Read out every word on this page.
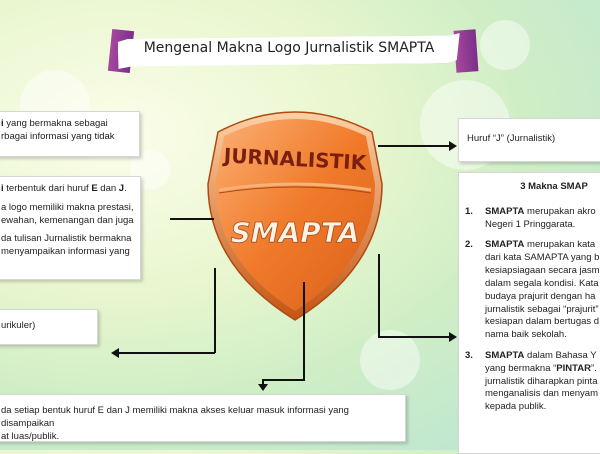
Mengenal Makna Logo Jurnalistik SMAPTA
JURNALISTIK
SMAPTA
i yang bermakna sebagai
rbagai informasi yang tidak

i terbentuk dari huruf E dan J.

a logo memiliki makna prestasi,
ewahan, kemenangan dan juga

da tulisan Jurnalistik bermakna
menyampaikan informasi yang

urikuler)
da setiap bentuk huruf E dan J memiliki makna akses keluar masuk informasi yang disampaikan
at luas/publik.
Huruf “J” (Jurnalistik)
3 Makna SMAP
1.	SMAPTA merupakan akro
Negeri 1 Pringgarata.
2.	SMAPTA merupakan kata
dari kata SAMAPTA yang b
kesiapsiagaan secara jasm
dalam segala kondisi. Kata
budaya prajurit dengan ha
jurnalistik sebagai “prajurit”
kesiapan dalam bertugas d
nama baik sekolah.
3.	SMAPTA dalam Bahasa Y
yang bermakna “PINTAR”.
jurnalistik diharapkan pinta
menganalisis dan menyam
kepada publik.
